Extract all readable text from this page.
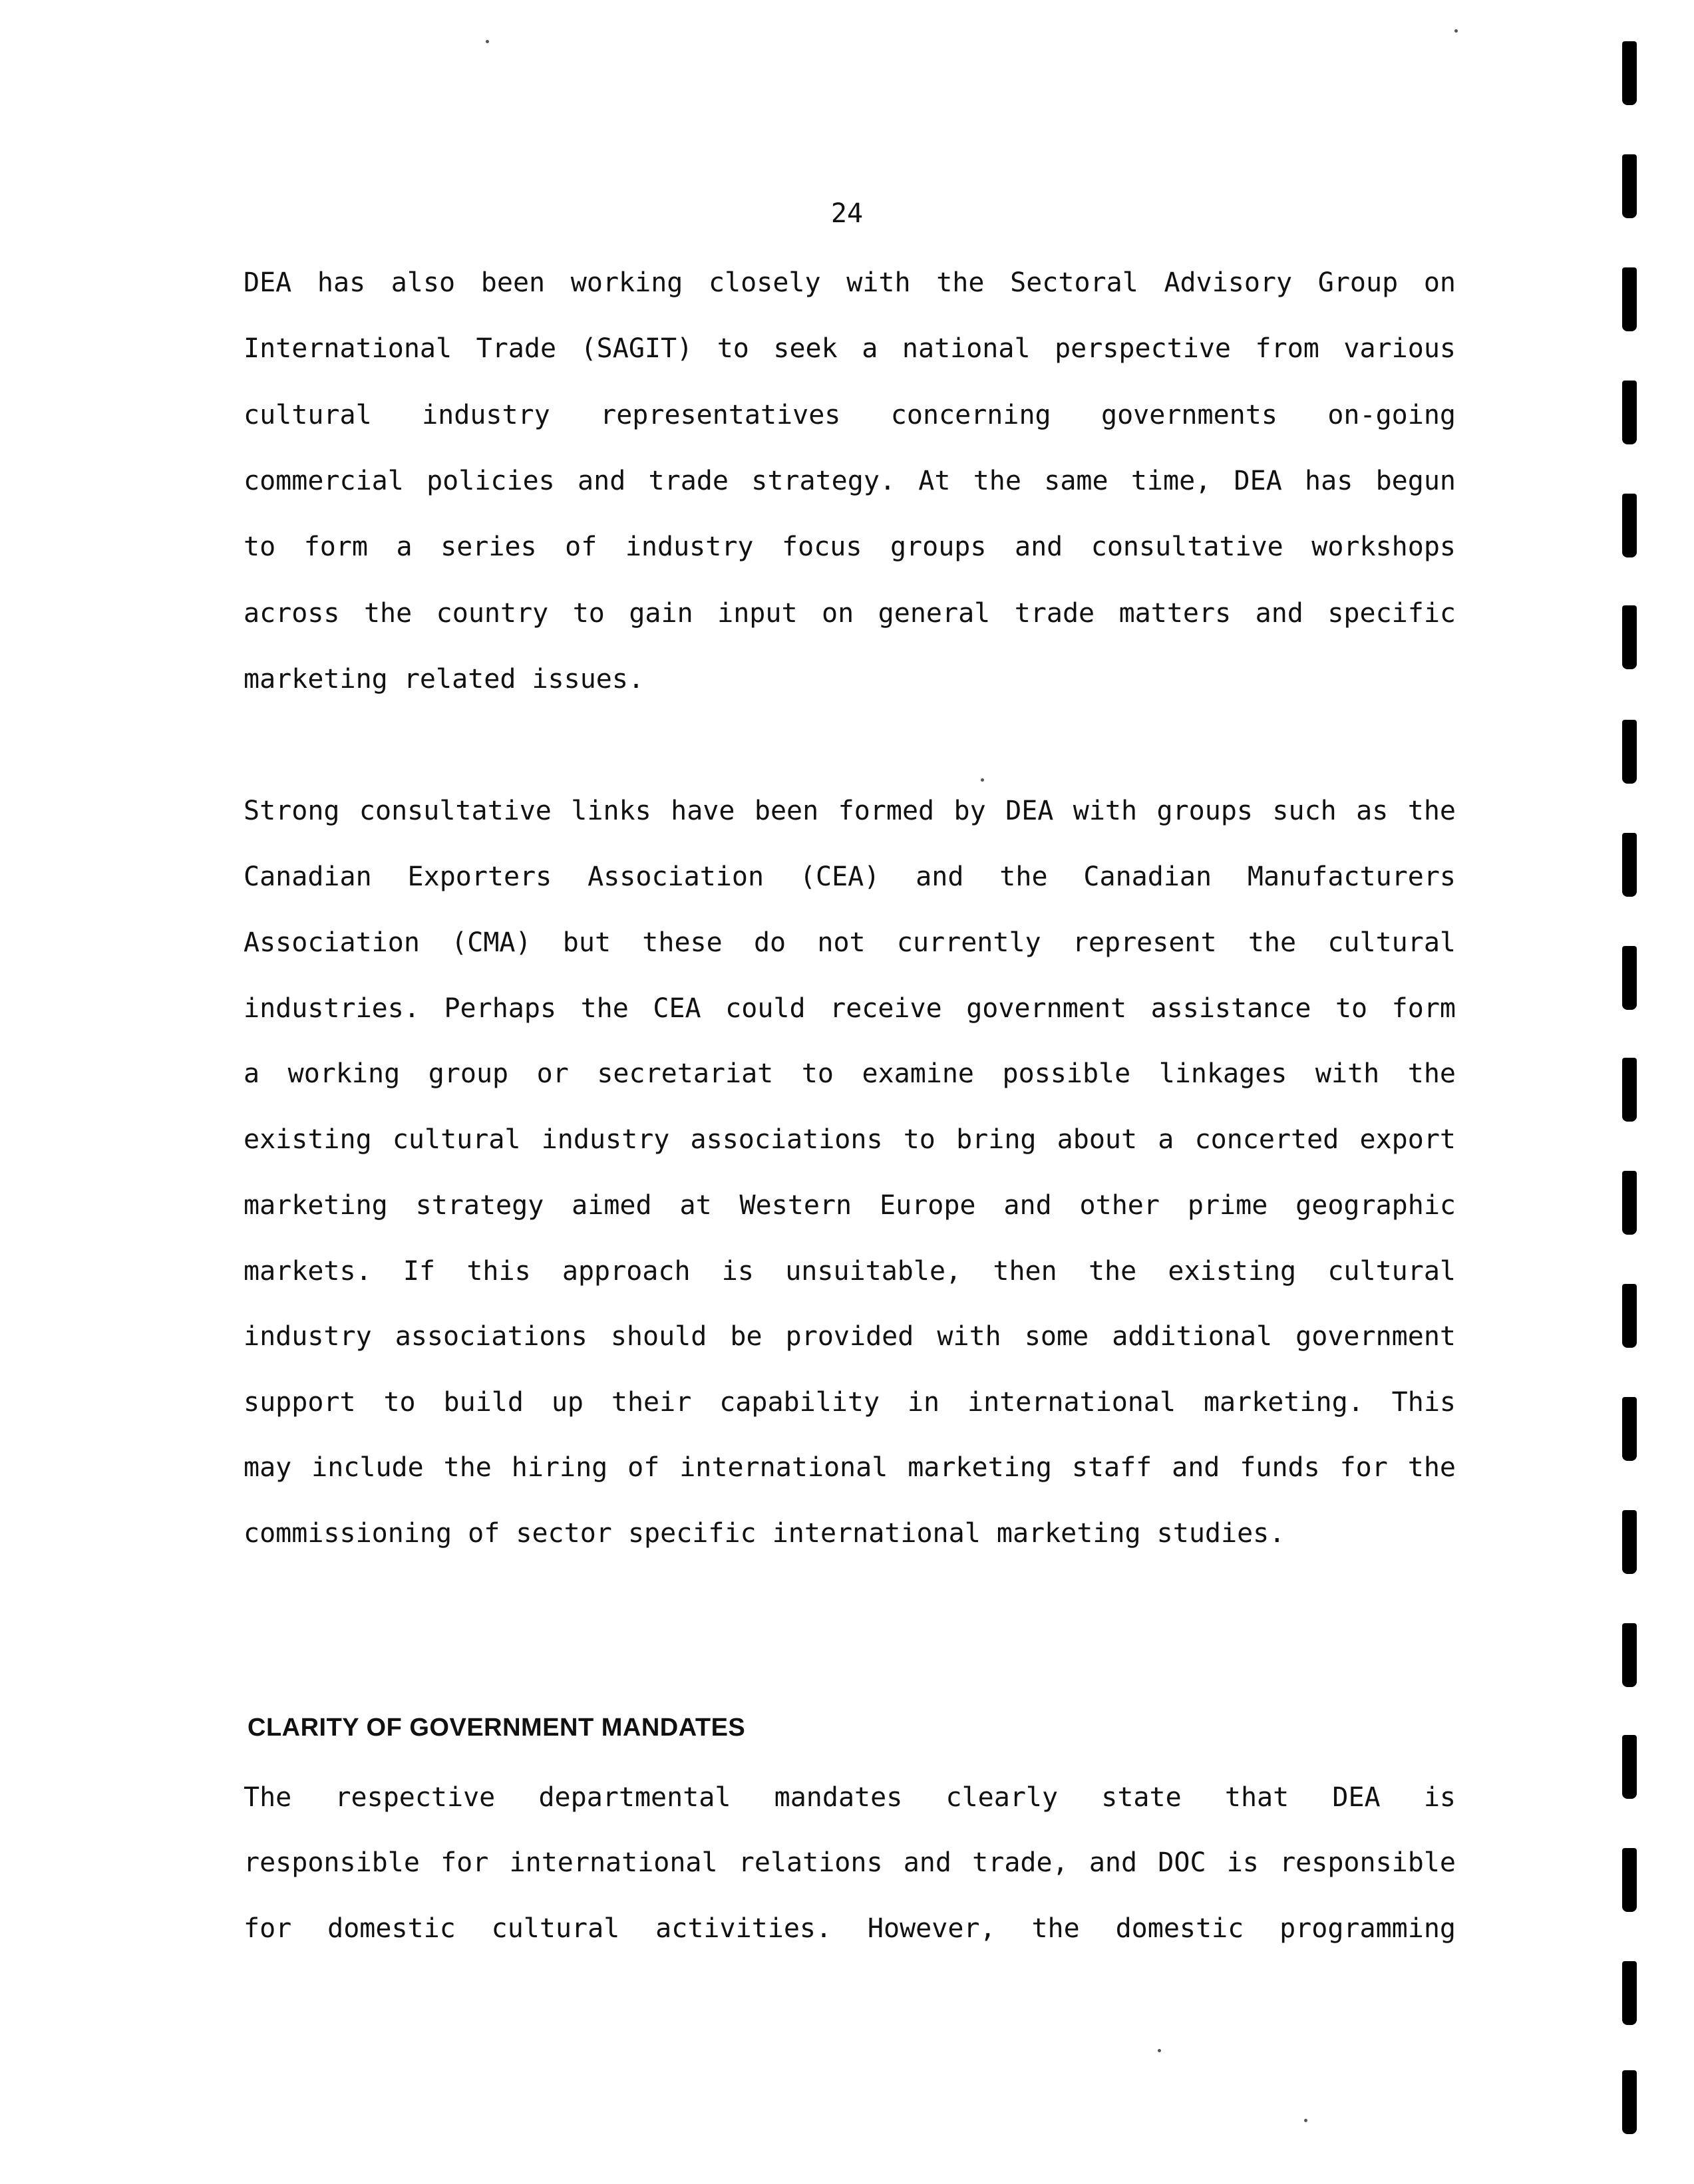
24
DEA has also been working closely with the Sectoral Advisory Group on
International Trade (SAGIT) to seek a national perspective from various
cultural industry representatives concerning governments on-going
commercial policies and trade strategy. At the same time, DEA has begun
to form a series of industry focus groups and consultative workshops
across the country to gain input on general trade matters and specific
marketing related issues.
Strong consultative links have been formed by DEA with groups such as the
Canadian Exporters Association (CEA) and the Canadian Manufacturers
Association (CMA) but these do not currently represent the cultural
industries. Perhaps the CEA could receive government assistance to form
a working group or secretariat to examine possible linkages with the
existing cultural industry associations to bring about a concerted export
marketing strategy aimed at Western Europe and other prime geographic
markets. If this approach is unsuitable, then the existing cultural
industry associations should be provided with some additional government
support to build up their capability in international marketing. This
may include the hiring of international marketing staff and funds for the
commissioning of sector specific international marketing studies.
CLARITY OF GOVERNMENT MANDATES
The respective departmental mandates clearly state that DEA is
responsible for international relations and trade, and DOC is responsible
for domestic cultural activities. However, the domestic programming
